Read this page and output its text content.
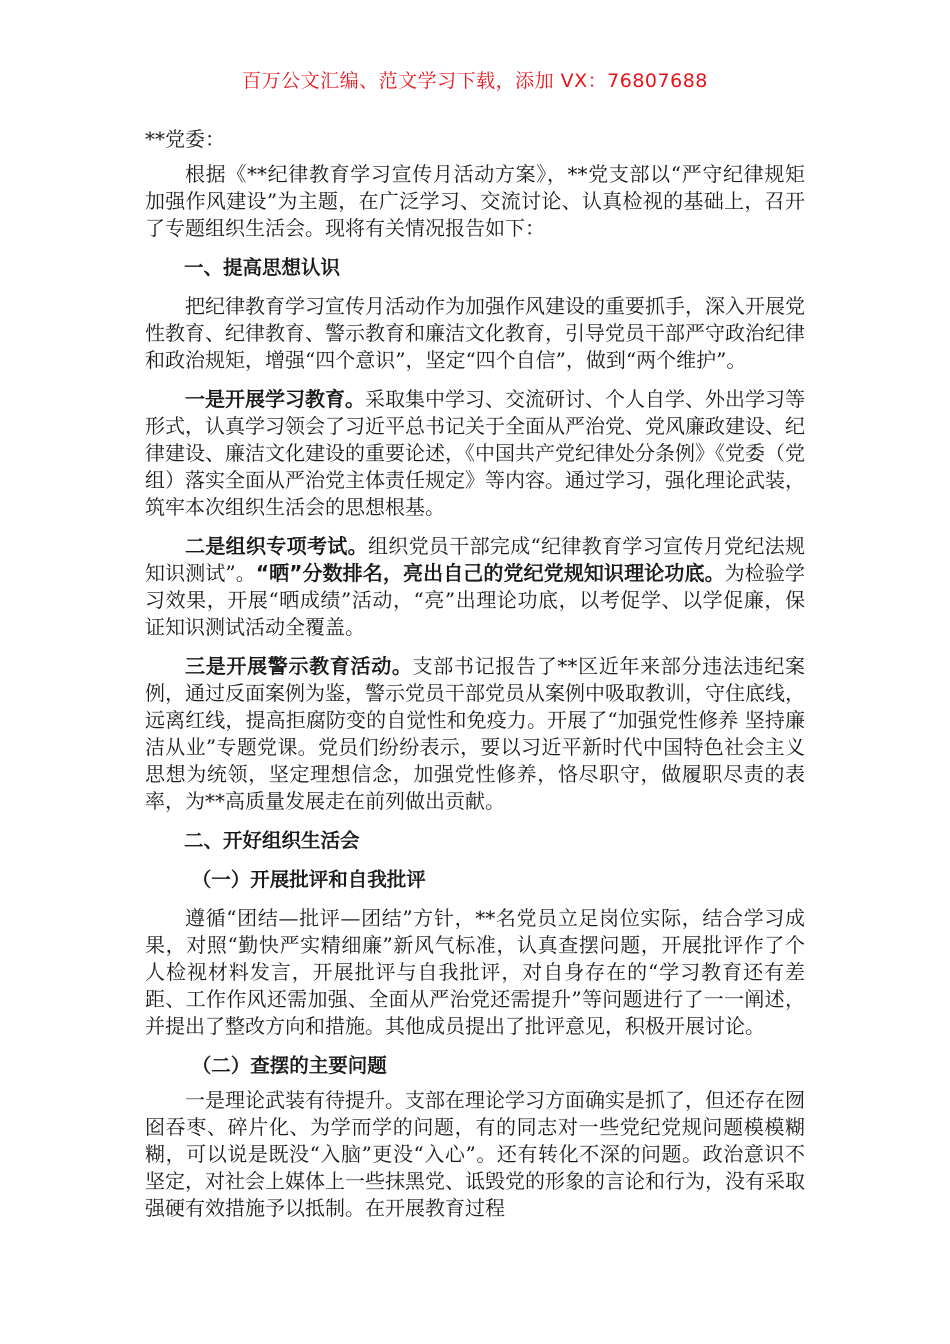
百万公文汇编、范文学习下载，添加 VX：76807688

**党委：

根据《**纪律教育学习宣传月活动方案》，**党支部以“严守纪律规矩 加强作风建设”为主题，在广泛学习、交流讨论、认真检视的基础上，召开了专题组织生活会。现将有关情况报告如下：

一、提高思想认识

把纪律教育学习宣传月活动作为加强作风建设的重要抓手，深入开展党性教育、纪律教育、警示教育和廉洁文化教育，引导党员干部严守政治纪律和政治规矩，增强“四个意识”，坚定“四个自信”，做到“两个维护”。

一是开展学习教育。采取集中学习、交流研讨、个人自学、外出学习等形式，认真学习领会了习近平总书记关于全面从严治党、党风廉政建设、纪律建设、廉洁文化建设的重要论述，《中国共产党纪律处分条例》《党委（党组）落实全面从严治党主体责任规定》等内容。通过学习，强化理论武装，筑牢本次组织生活会的思想根基。

二是组织专项考试。组织党员干部完成“纪律教育学习宣传月党纪法规知识测试”。“晒”分数排名，亮出自己的党纪党规知识理论功底。为检验学习效果，开展“晒成绩”活动，“亮”出理论功底，以考促学、以学促廉，保证知识测试活动全覆盖。

三是开展警示教育活动。支部书记报告了**区近年来部分违法违纪案例，通过反面案例为鉴，警示党员干部党员从案例中吸取教训，守住底线，远离红线，提高拒腐防变的自觉性和免疫力。开展了“加强党性修养 坚持廉洁从业”专题党课。党员们纷纷表示，要以习近平新时代中国特色社会主义思想为统领，坚定理想信念，加强党性修养，恪尽职守，做履职尽责的表率，为**高质量发展走在前列做出贡献。

二、开好组织生活会

（一）开展批评和自我批评

遵循“团结—批评—团结”方针，**名党员立足岗位实际，结合学习成果，对照“勤快严实精细廉”新风气标准，认真查摆问题，开展批评作了个人检视材料发言，开展批评与自我批评，对自身存在的“学习教育还有差距、工作作风还需加强、全面从严治党还需提升”等问题进行了一一阐述，并提出了整改方向和措施。其他成员提出了批评意见，积极开展讨论。

（二）查摆的主要问题

一是理论武装有待提升。支部在理论学习方面确实是抓了，但还存在囫囵吞枣、碎片化、为学而学的问题，有的同志对一些党纪党规问题模模糊糊，可以说是既没“入脑”更没“入心”。还有转化不深的问题。政治意识不坚定，对社会上媒体上一些抹黑党、诋毁党的形象的言论和行为，没有采取强硬有效措施予以抵制。在开展教育过程
